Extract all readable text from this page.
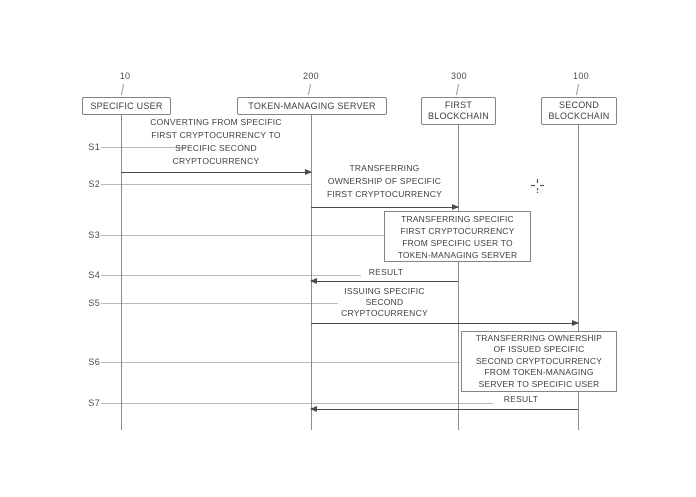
10	200	300	100
SPECIFIC USER	TOKEN-MANAGING SERVER	FIRST
BLOCKCHAIN
SECOND
BLOCKCHAIN
S1
S2
S3
S4
S5
S6
S7
CONVERTING FROM SPECIFIC
FIRST CRYPTOCURRENCY TO
SPECIFIC SECOND
CRYPTOCURRENCY
TRANSFERRING
OWNERSHIP OF SPECIFIC
FIRST CRYPTOCURRENCY
RESULT
ISSUING SPECIFIC
SECOND
CRYPTOCURRENCY
RESULT
TRANSFERRING SPECIFIC
FIRST CRYPTOCURRENCY
FROM SPECIFIC USER TO
TOKEN-MANAGING SERVER
TRANSFERRING OWNERSHIP
OF ISSUED SPECIFIC
SECOND CRYPTOCURRENCY
FROM TOKEN-MANAGING
SERVER TO SPECIFIC USER
